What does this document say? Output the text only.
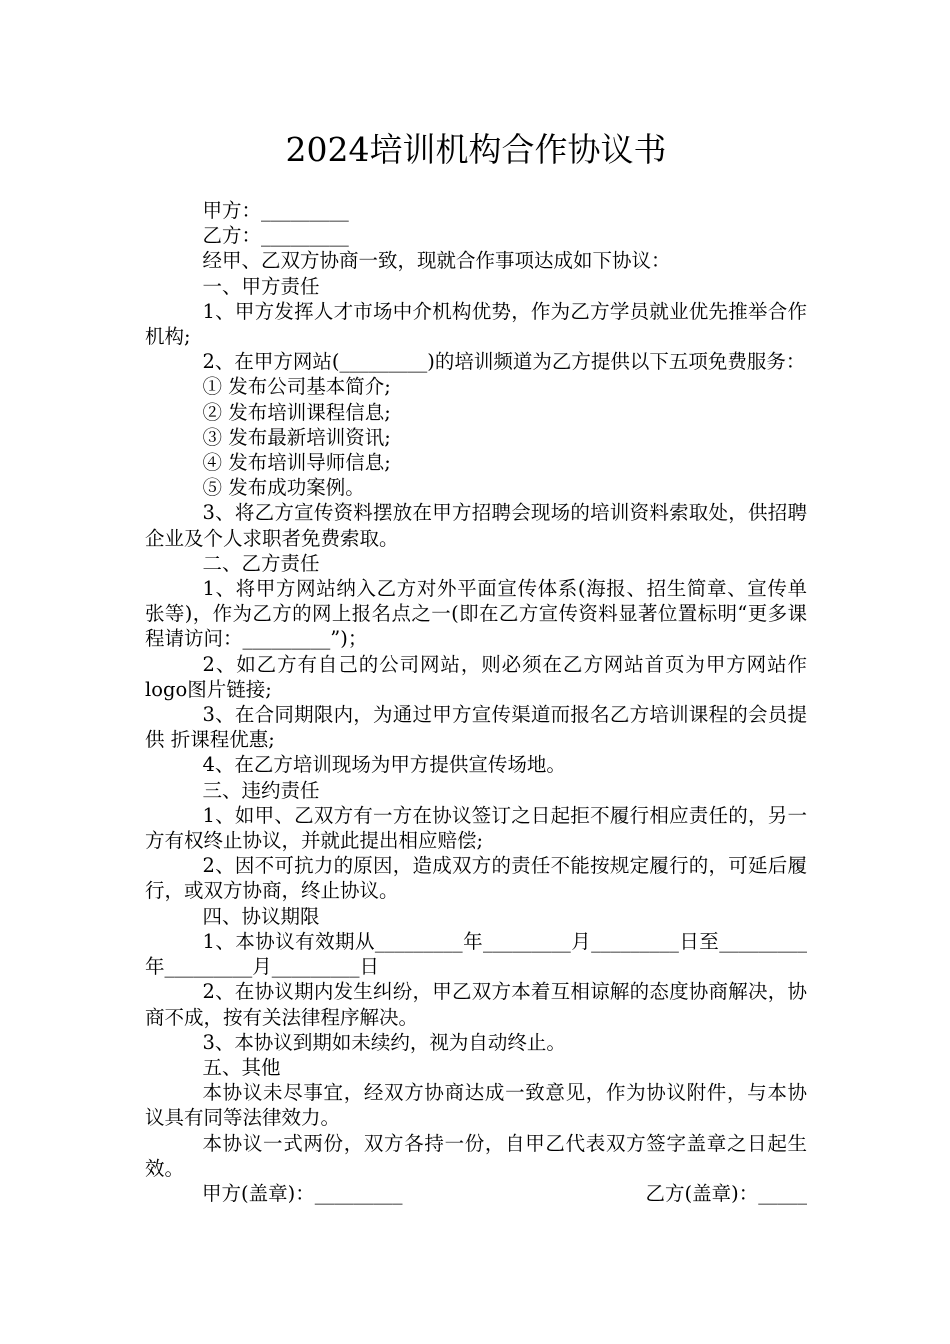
2024培训机构合作协议书

甲方：_________

乙方：_________

经甲、乙双方协商一致，现就合作事项达成如下协议：

一、甲方责任

1、甲方发挥人才市场中介机构优势，作为乙方学员就业优先推举合作机构;

2、在甲方网站(_________)的培训频道为乙方提供以下五项免费服务：

① 发布公司基本简介;

② 发布培训课程信息;

③ 发布最新培训资讯;

④ 发布培训导师信息;

⑤ 发布成功案例。

3、将乙方宣传资料摆放在甲方招聘会现场的培训资料索取处，供招聘企业及个人求职者免费索取。

二、乙方责任

1、将甲方网站纳入乙方对外平面宣传体系(海报、招生简章、宣传单张等)，作为乙方的网上报名点之一(即在乙方宣传资料显著位置标明“更多课程请访问：_________”)；

2、如乙方有自己的公司网站，则必须在乙方网站首页为甲方网站作logo图片链接;

3、在合同期限内，为通过甲方宣传渠道而报名乙方培训课程的会员提供 折课程优惠;

4、在乙方培训现场为甲方提供宣传场地。

三、违约责任

1、如甲、乙双方有一方在协议签订之日起拒不履行相应责任的，另一方有权终止协议，并就此提出相应赔偿;

2、因不可抗力的原因，造成双方的责任不能按规定履行的，可延后履行，或双方协商，终止协议。

四、协议期限

1、本协议有效期从_________年_________月_________日至_________年_________月_________日

2、在协议期内发生纠纷，甲乙双方本着互相谅解的态度协商解决，协商不成，按有关法律程序解决。

3、本协议到期如未续约，视为自动终止。

五、其他

本协议未尽事宜，经双方协商达成一致意见，作为协议附件，与本协议具有同等法律效力。

本协议一式两份，双方各持一份，自甲乙代表双方签字盖章之日起生效。

甲方(盖章)：_________	乙方(盖章)：_____
